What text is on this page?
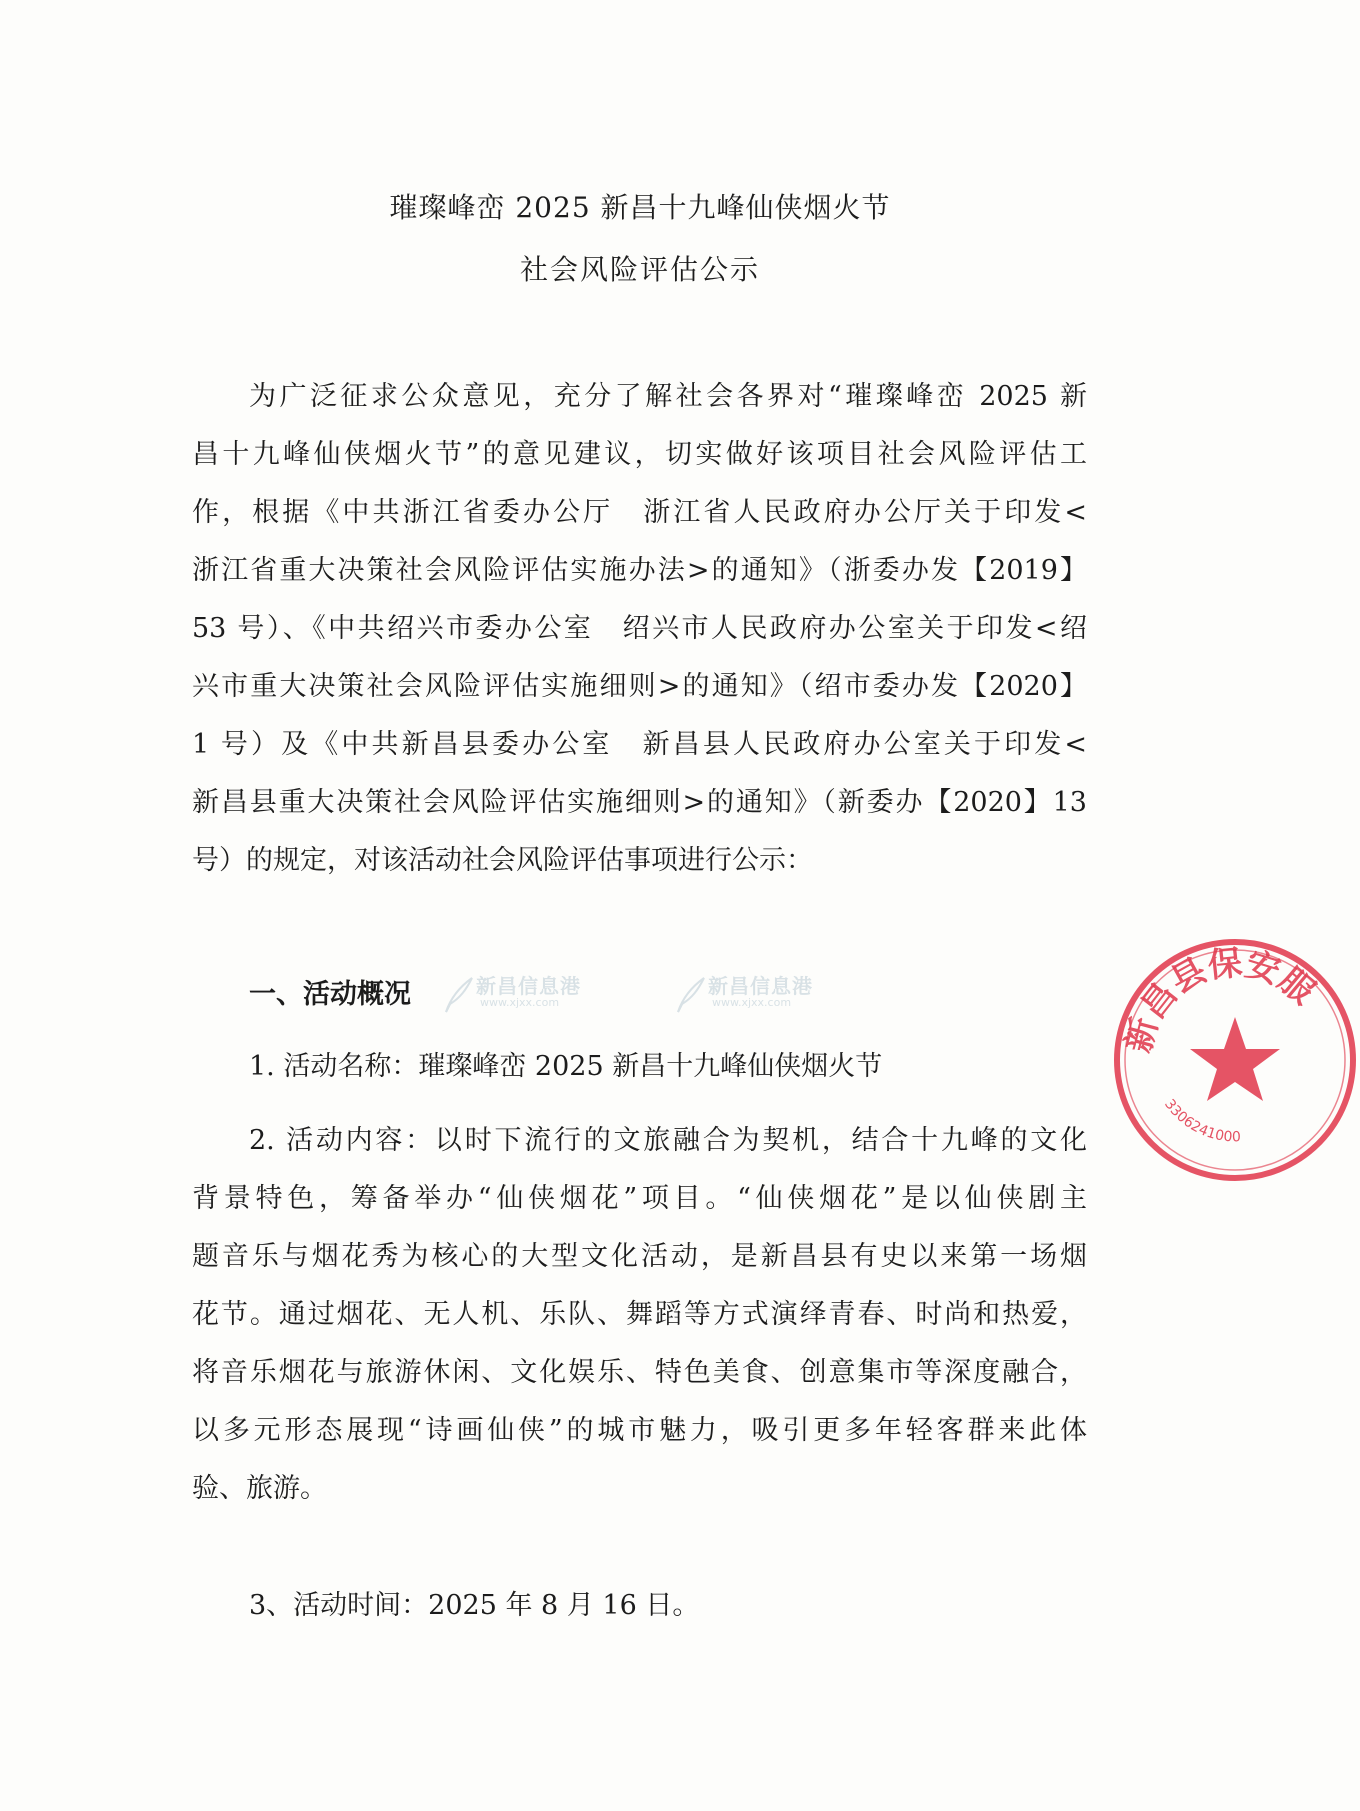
璀璨峰峦 2025 新昌十九峰仙侠烟火节
社会风险评估公示
为广泛征求公众意见，充分了解社会各界对“璀璨峰峦 2025 新
昌十九峰仙侠烟火节”的意见建议，切实做好该项目社会风险评估工
作，根据《中共浙江省委办公厅　浙江省人民政府办公厅关于印发<
浙江省重大决策社会风险评估实施办法>的通知》（浙委办发【2019】
53 号）、《中共绍兴市委办公室　绍兴市人民政府办公室关于印发<绍
兴市重大决策社会风险评估实施细则>的通知》（绍市委办发【2020】
1 号）及《中共新昌县委办公室　新昌县人民政府办公室关于印发<
新昌县重大决策社会风险评估实施细则>的通知》（新委办【2020】13
号）的规定，对该活动社会风险评估事项进行公示：
一、活动概况
1. 活动名称：璀璨峰峦 2025 新昌十九峰仙侠烟火节
2. 活动内容：以时下流行的文旅融合为契机，结合十九峰的文化
背景特色，筹备举办“仙侠烟花”项目。“仙侠烟花”是以仙侠剧主
题音乐与烟花秀为核心的大型文化活动，是新昌县有史以来第一场烟
花节。通过烟花、无人机、乐队、舞蹈等方式演绎青春、时尚和热爱，
将音乐烟花与旅游休闲、文化娱乐、特色美食、创意集市等深度融合，
以多元形态展现“诗画仙侠”的城市魅力，吸引更多年轻客群来此体
验、旅游。
3、活动时间：2025 年 8 月 16 日。
新昌信息港
www.xjxx.com
新昌信息港
www.xjxx.com
新昌县保安服
3306241000
